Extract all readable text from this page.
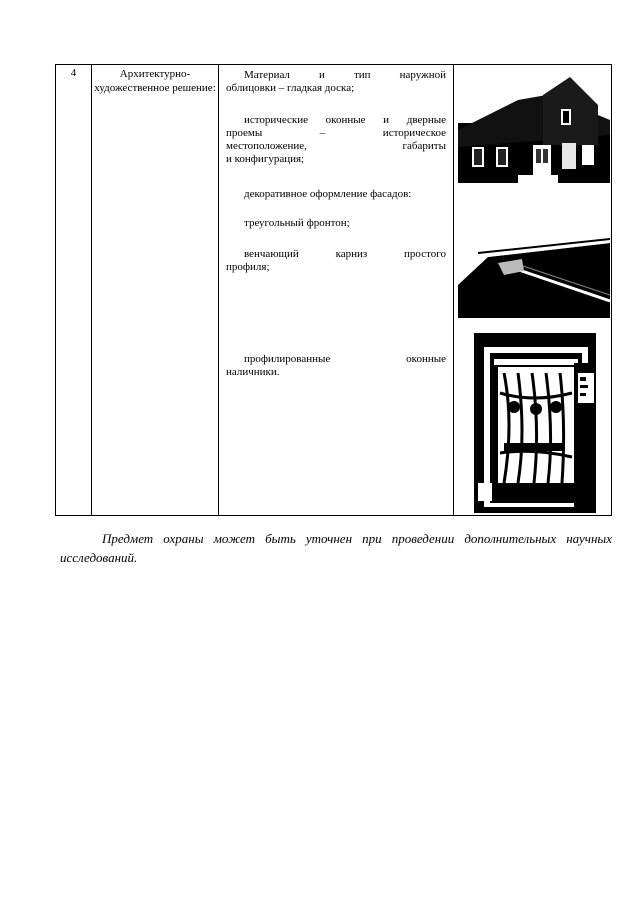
4	Архитектурно-художественное решение:

Материал и тип наружной

облицовки – гладкая доска;

исторические оконные и дверные

проемы – историческое

местоположение, габариты

и конфигурация;

декоративное оформление фасадов:

треугольный фронтон;

венчающий карниз простого

профиля;

профилированные оконные

наличники.

Предмет охраны может быть уточнен при проведении дополнительных научных исследований.
